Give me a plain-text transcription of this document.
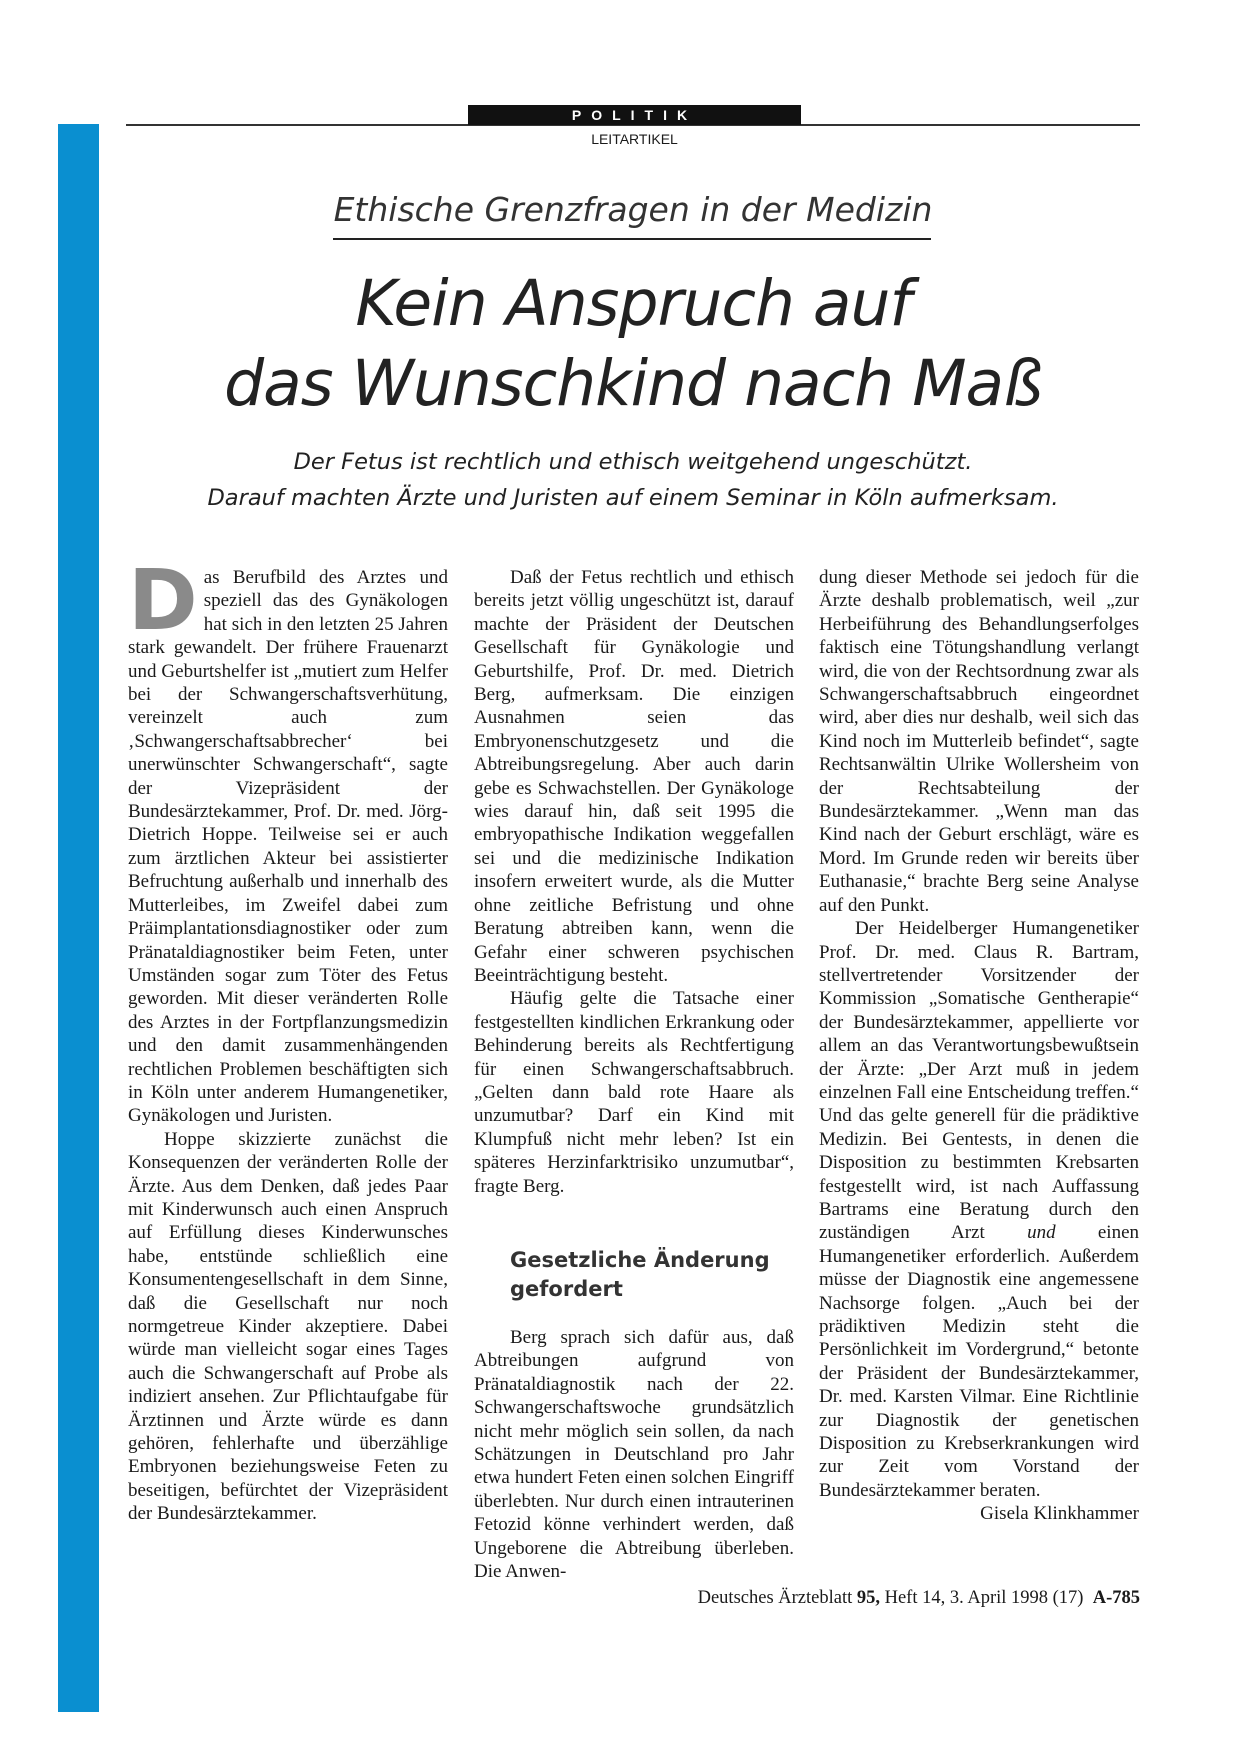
POLITIK
LEITARTIKEL
Ethische Grenzfragen in der Medizin
Kein Anspruch auf
das Wunschkind nach Maß
Der Fetus ist rechtlich und ethisch weitgehend ungeschützt.
Darauf machten Ärzte und Juristen auf einem Seminar in Köln aufmerksam.

Das Berufbild des Arztes und speziell das des Gynäkologen hat sich in den letzten 25 Jahren stark gewandelt. Der frühere Frauenarzt und Geburtshelfer ist „mutiert zum Helfer bei der Schwangerschaftsverhütung, vereinzelt auch zum ‚Schwangerschaftsabbrecher‘ bei unerwünschter Schwangerschaft“, sagte der Vizepräsident der Bundesärztekammer, Prof. Dr. med. Jörg-Dietrich Hoppe. Teilweise sei er auch zum ärztlichen Akteur bei assistierter Befruchtung außerhalb und innerhalb des Mutterleibes, im Zweifel dabei zum Präimplantationsdiagnostiker oder zum Pränataldiagnostiker beim Feten, unter Umständen sogar zum Töter des Fetus geworden. Mit dieser veränderten Rolle des Arztes in der Fortpflanzungsmedizin und den damit zusammenhängenden rechtlichen Problemen beschäftigten sich in Köln unter anderem Humangenetiker, Gynäkologen und Juristen.

Hoppe skizzierte zunächst die Konsequenzen der veränderten Rolle der Ärzte. Aus dem Denken, daß jedes Paar mit Kinderwunsch auch einen Anspruch auf Erfüllung dieses Kinderwunsches habe, entstünde schließlich eine Konsumentengesellschaft in dem Sinne, daß die Gesellschaft nur noch normgetreue Kinder akzeptiere. Dabei würde man vielleicht sogar eines Tages auch die Schwangerschaft auf Probe als indiziert ansehen. Zur Pflichtaufgabe für Ärztinnen und Ärzte würde es dann gehören, fehlerhafte und überzählige Embryonen beziehungsweise Feten zu beseitigen, befürchtet der Vizepräsident der Bundesärztekammer.

Daß der Fetus rechtlich und ethisch bereits jetzt völlig ungeschützt ist, darauf machte der Präsident der Deutschen Gesellschaft für Gynäkologie und Geburtshilfe, Prof. Dr. med. Dietrich Berg, aufmerksam. Die einzigen Ausnahmen seien das Embryonenschutzgesetz und die Abtreibungsregelung. Aber auch darin gebe es Schwachstellen. Der Gynäkologe wies darauf hin, daß seit 1995 die embryopathische Indikation weggefallen sei und die medizinische Indikation insofern erweitert wurde, als die Mutter ohne zeitliche Befristung und ohne Beratung abtreiben kann, wenn die Gefahr einer schweren psychischen Beeinträchtigung besteht.

Häufig gelte die Tatsache einer festgestellten kindlichen Erkrankung oder Behinderung bereits als Rechtfertigung für einen Schwangerschaftsabbruch. „Gelten dann bald rote Haare als unzumutbar? Darf ein Kind mit Klumpfuß nicht mehr leben? Ist ein späteres Herzinfarktrisiko unzumutbar“, fragte Berg.

Gesetzliche Änderung gefordert

Berg sprach sich dafür aus, daß Abtreibungen aufgrund von Pränataldiagnostik nach der 22. Schwangerschaftswoche grundsätzlich nicht mehr möglich sein sollen, da nach Schätzungen in Deutschland pro Jahr etwa hundert Feten einen solchen Eingriff überlebten. Nur durch einen intrauterinen Fetozid könne verhindert werden, daß Ungeborene die Abtreibung überleben. Die Anwen-

dung dieser Methode sei jedoch für die Ärzte deshalb problematisch, weil „zur Herbeiführung des Behandlungserfolges faktisch eine Tötungshandlung verlangt wird, die von der Rechtsordnung zwar als Schwangerschaftsabbruch eingeordnet wird, aber dies nur deshalb, weil sich das Kind noch im Mutterleib befindet“, sagte Rechtsanwältin Ulrike Wollersheim von der Rechtsabteilung der Bundesärztekammer. „Wenn man das Kind nach der Geburt erschlägt, wäre es Mord. Im Grunde reden wir bereits über Euthanasie,“ brachte Berg seine Analyse auf den Punkt.

Der Heidelberger Humangenetiker Prof. Dr. med. Claus R. Bartram, stellvertretender Vorsitzender der Kommission „Somatische Gentherapie“ der Bundesärztekammer, appellierte vor allem an das Verantwortungsbewußtsein der Ärzte: „Der Arzt muß in jedem einzelnen Fall eine Entscheidung treffen.“ Und das gelte generell für die prädiktive Medizin. Bei Gentests, in denen die Disposition zu bestimmten Krebsarten festgestellt wird, ist nach Auffassung Bartrams eine Beratung durch den zuständigen Arzt und einen Humangenetiker erforderlich. Außerdem müsse der Diagnostik eine angemessene Nachsorge folgen. „Auch bei der prädiktiven Medizin steht die Persönlichkeit im Vordergrund,“ betonte der Präsident der Bundesärztekammer, Dr. med. Karsten Vilmar. Eine Richtlinie zur Diagnostik der genetischen Disposition zu Krebserkrankungen wird zur Zeit vom Vorstand der Bundesärztekammer beraten.
Gisela Klinkhammer

Deutsches Ärzteblatt 95, Heft 14, 3. April 1998 (17) A-785
